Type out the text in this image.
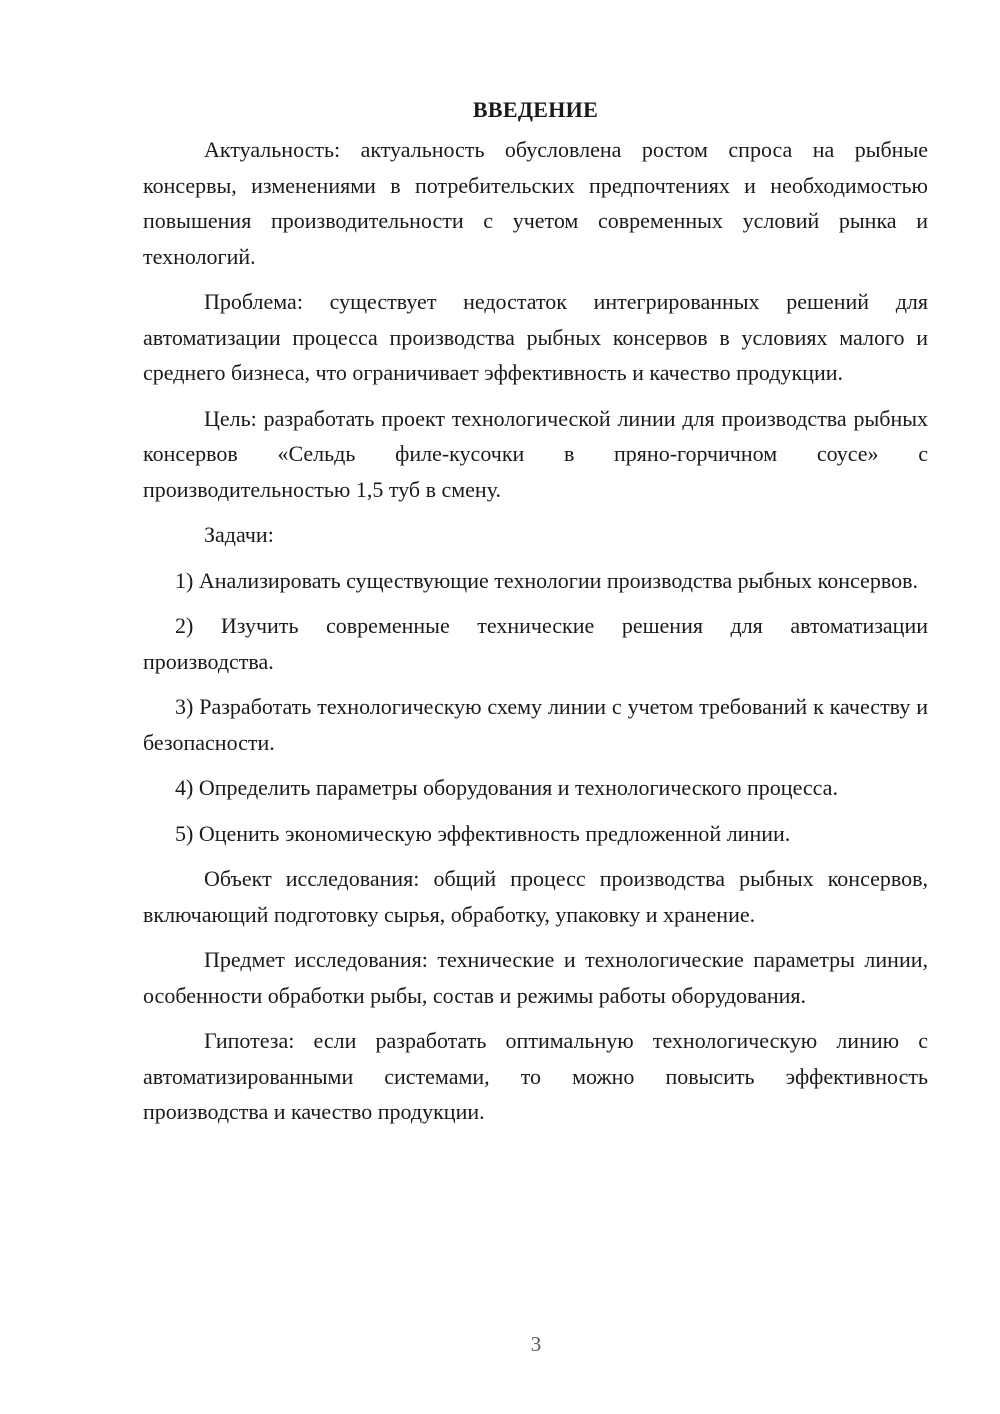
ВВЕДЕНИЕ

Актуальность: актуальность обусловлена ростом спроса на рыбные консервы, изменениями в потребительских предпочтениях и необходимостью повышения производительности с учетом современных условий рынка и технологий.

Проблема: существует недостаток интегрированных решений для автоматизации процесса производства рыбных консервов в условиях малого и среднего бизнеса, что ограничивает эффективность и качество продукции.

Цель: разработать проект технологической линии для производства рыбных консервов «Сельдь филе-кусочки в пряно-горчичном соусе» с производительностью 1,5 туб в смену.

Задачи:

1) Анализировать существующие технологии производства рыбных консервов.

2) Изучить современные технические решения для автоматизации производства.

3) Разработать технологическую схему линии с учетом требований к качеству и безопасности.

4) Определить параметры оборудования и технологического процесса.

5) Оценить экономическую эффективность предложенной линии.

Объект исследования: общий процесс производства рыбных консервов, включающий подготовку сырья, обработку, упаковку и хранение.

Предмет исследования: технические и технологические параметры линии, особенности обработки рыбы, состав и режимы работы оборудования.

Гипотеза: если разработать оптимальную технологическую линию с автоматизированными системами, то можно повысить эффективность производства и качество продукции.

3
